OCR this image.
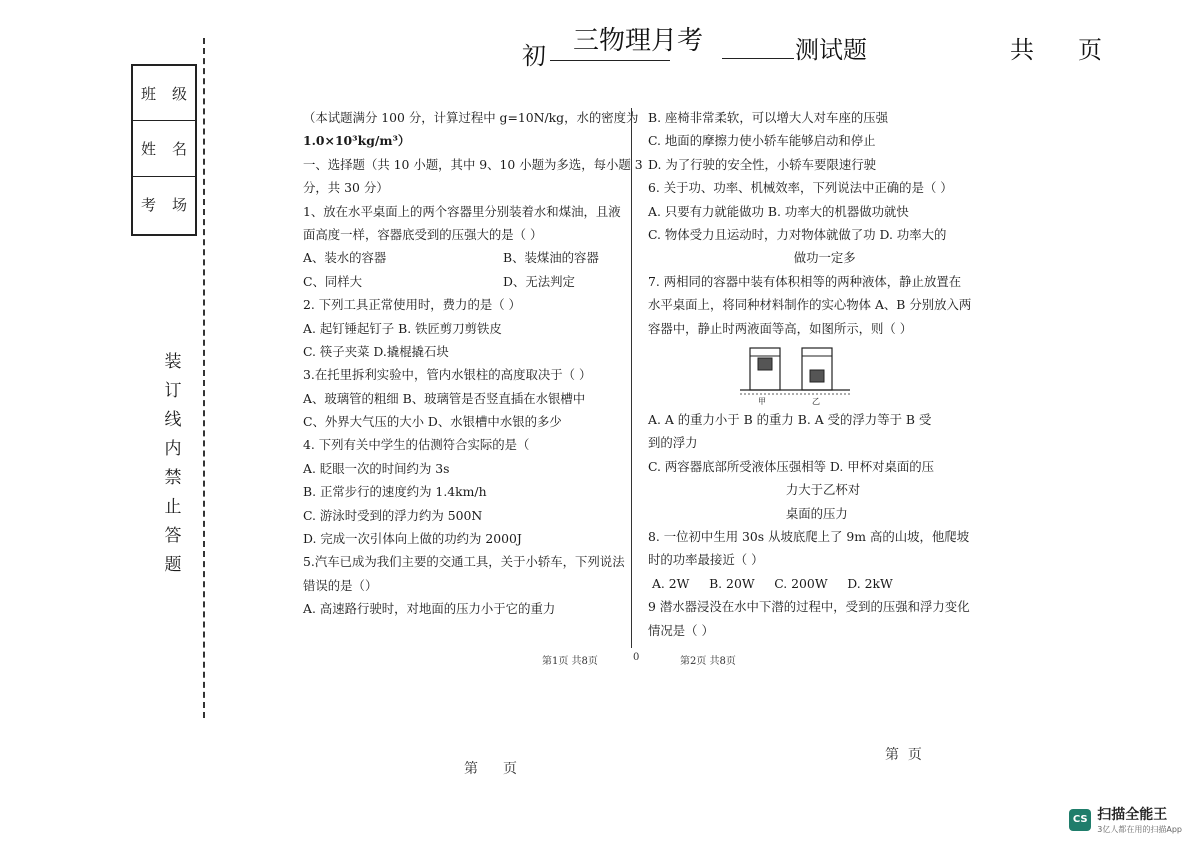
初 三物理月考	测试题	共 页
班 级
姓 名
考 场
装
订
线
内
禁
止
答
题
（本试题满分 100 分，计算过程中 g=10N/kg，水的密度为
1.0×10³kg/m³）
一、选择题（共 10 小题，其中 9、10 小题为多选，每小题 3
分，共 30 分）
1、放在水平桌面上的两个容器里分别装着水和煤油，且液
面高度一样，容器底受到的压强大的是（ ）
A、装水的容器	B、装煤油的容器
C、同样大	D、无法判定
2. 下列工具正常使用时，费力的是（ ）
A. 起钉锤起钉子 B. 铁匠剪刀剪铁皮
C. 筷子夹菜 D.撬棍撬石块
3.在托里拆利实验中，管内水银柱的高度取决于（ ）
A、玻璃管的粗细 B、玻璃管是否竖直插在水银槽中
C、外界大气压的大小 D、水银槽中水银的多少
4. 下列有关中学生的估测符合实际的是（
A. 眨眼一次的时间约为 3s
B. 正常步行的速度约为 1.4km/h
C. 游泳时受到的浮力约为 500N
D. 完成一次引体向上做的功约为 2000J
5.汽车已成为我们主要的交通工具，关于小轿车，下列说法
错误的是（）
A. 高速路行驶时，对地面的压力小于它的重力
B. 座椅非常柔软，可以增大人对车座的压强
C. 地面的摩擦力使小轿车能够启动和停止
D. 为了行驶的安全性，小轿车要限速行驶
6. 关于功、功率、机械效率，下列说法中正确的是（ ）
A. 只要有力就能做功 B. 功率大的机器做功就快
C. 物体受力且运动时，力对物体就做了功 D. 功率大的
做功一定多
7. 两相同的容器中装有体积相等的两种液体，静止放置在
水平桌面上，将同种材料制作的实心物体 A、B 分别放入两
容器中，静止时两液面等高，如图所示，则（ ）
甲	乙
A. A 的重力小于 B 的重力 B. A 受的浮力等于 B 受
到的浮力
C. 两容器底部所受液体压强相等 D. 甲杯对桌面的压
力大于乙杯对
桌面的压力
8. 一位初中生用 30s 从坡底爬上了 9m 高的山坡，他爬坡
时的功率最接近（ ）
A. 2W     B. 20W     C. 200W     D. 2kW
9 潜水器浸没在水中下潜的过程中，受到的压强和浮力变化
情况是（ ）
第1页 共8页	0	第2页 共8页
第 页
第  页
CS 扫描全能王
3亿人都在用的扫描App
